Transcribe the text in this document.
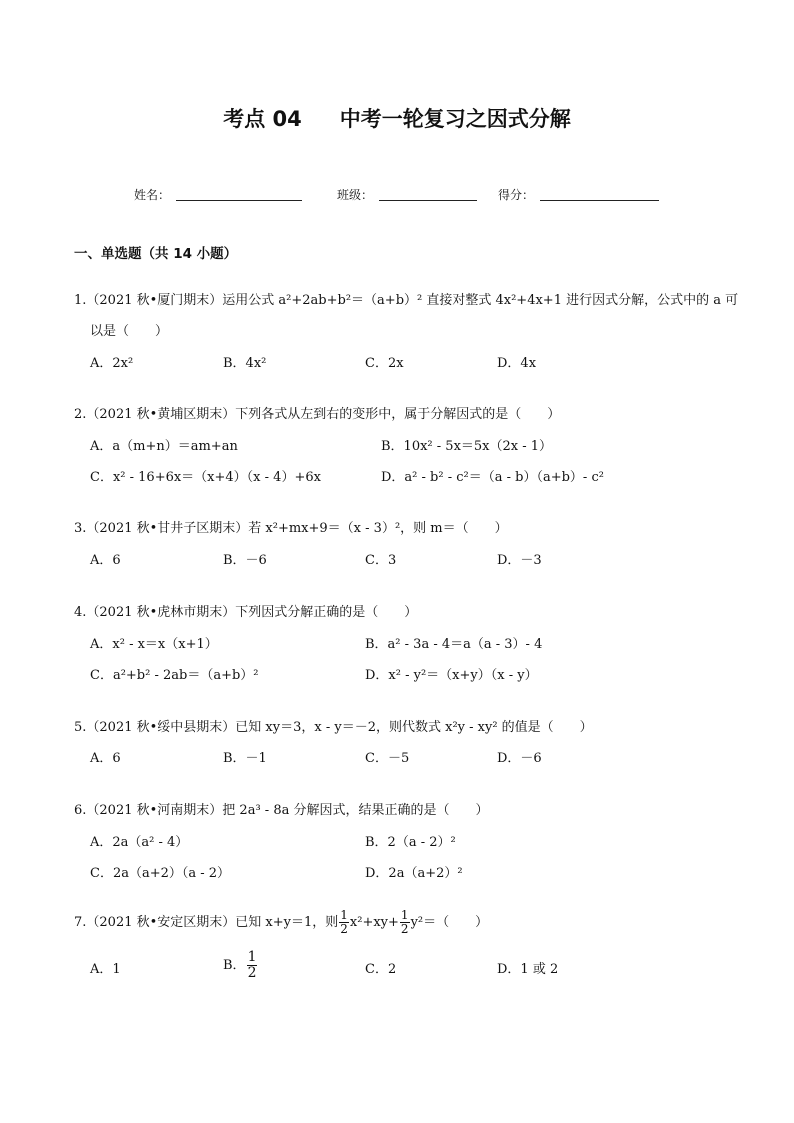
考点 04 中考一轮复习之因式分解
姓名：	班级：	得分：
一、单选题（共 14 小题）
1.（2021 秋•厦门期末）运用公式 a²+2ab+b²＝（a+b）² 直接对整式 4x²+4x+1 进行因式分解，公式中的 a 可
以是（　　）
A．2x²	B．4x²	C．2x	D．4x
2.（2021 秋•黄埔区期末）下列各式从左到右的变形中，属于分解因式的是（　　）
A．a（m+n）＝am+an	B．10x² - 5x＝5x（2x - 1）
C．x² - 16+6x＝（x+4）（x - 4）+6x	D．a² - b² - c²＝（a - b）（a+b）- c²
3.（2021 秋•甘井子区期末）若 x²+mx+9＝（x - 3）²，则 m＝（　　）
A．6	B．－6	C．3	D．－3
4.（2021 秋•虎林市期末）下列因式分解正确的是（　　）
A．x² - x＝x（x+1）	B．a² - 3a - 4＝a（a - 3）- 4
C．a²+b² - 2ab＝（a+b）²	D．x² - y²＝（x+y）（x - y）
5.（2021 秋•绥中县期末）已知 xy＝3，x - y＝－2，则代数式 x²y - xy² 的值是（　　）
A．6	B．－1	C．－5	D．－6
6.（2021 秋•河南期末）把 2a³ - 8a 分解因式，结果正确的是（　　）
A．2a（a² - 4）	B．2（a - 2）²
C．2a（a+2）（a - 2）	D．2a（a+2）²
7.（2021 秋•安定区期末）已知 x+y＝1，则 $\frac{1}{2} x^2+xy+ \frac{1}{2} y^2=$（　　）
A．1	B． $\frac{1}{2}$	C．2	D．1 或 2
